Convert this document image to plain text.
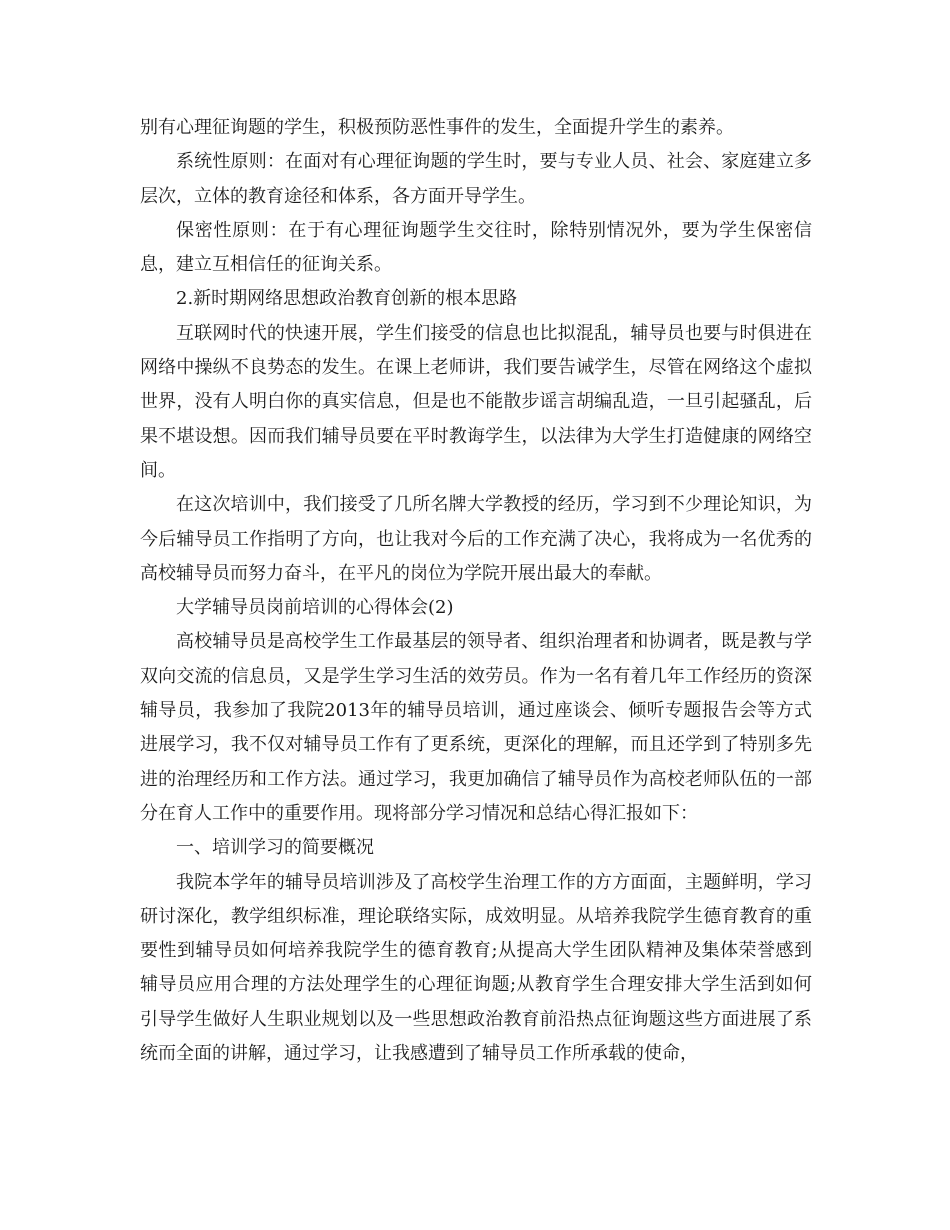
别有心理征询题的学生，积极预防恶性事件的发生，全面提升学生的素养。

系统性原则：在面对有心理征询题的学生时，要与专业人员、社会、家庭建立多层次，立体的教育途径和体系，各方面开导学生。

保密性原则：在于有心理征询题学生交往时，除特别情况外，要为学生保密信息，建立互相信任的征询关系。

2.新时期网络思想政治教育创新的根本思路

互联网时代的快速开展，学生们接受的信息也比拟混乱，辅导员也要与时俱进在网络中操纵不良势态的发生。在课上老师讲，我们要告诫学生，尽管在网络这个虚拟世界，没有人明白你的真实信息，但是也不能散步谣言胡编乱造，一旦引起骚乱，后果不堪设想。因而我们辅导员要在平时教诲学生，以法律为大学生打造健康的网络空间。

在这次培训中，我们接受了几所名牌大学教授的经历，学习到不少理论知识，为今后辅导员工作指明了方向，也让我对今后的工作充满了决心，我将成为一名优秀的高校辅导员而努力奋斗，在平凡的岗位为学院开展出最大的奉献。

大学辅导员岗前培训的心得体会(2)

高校辅导员是高校学生工作最基层的领导者、组织治理者和协调者，既是教与学双向交流的信息员，又是学生学习生活的效劳员。作为一名有着几年工作经历的资深辅导员，我参加了我院2013年的辅导员培训，通过座谈会、倾听专题报告会等方式进展学习，我不仅对辅导员工作有了更系统，更深化的理解，而且还学到了特别多先进的治理经历和工作方法。通过学习，我更加确信了辅导员作为高校老师队伍的一部分在育人工作中的重要作用。现将部分学习情况和总结心得汇报如下：

一、培训学习的简要概况

我院本学年的辅导员培训涉及了高校学生治理工作的方方面面，主题鲜明，学习研讨深化，教学组织标准，理论联络实际，成效明显。从培养我院学生德育教育的重要性到辅导员如何培养我院学生的德育教育;从提高大学生团队精神及集体荣誉感到辅导员应用合理的方法处理学生的心理征询题;从教育学生合理安排大学生活到如何引导学生做好人生职业规划以及一些思想政治教育前沿热点征询题这些方面进展了系统而全面的讲解，通过学习，让我感遭到了辅导员工作所承载的使命，
